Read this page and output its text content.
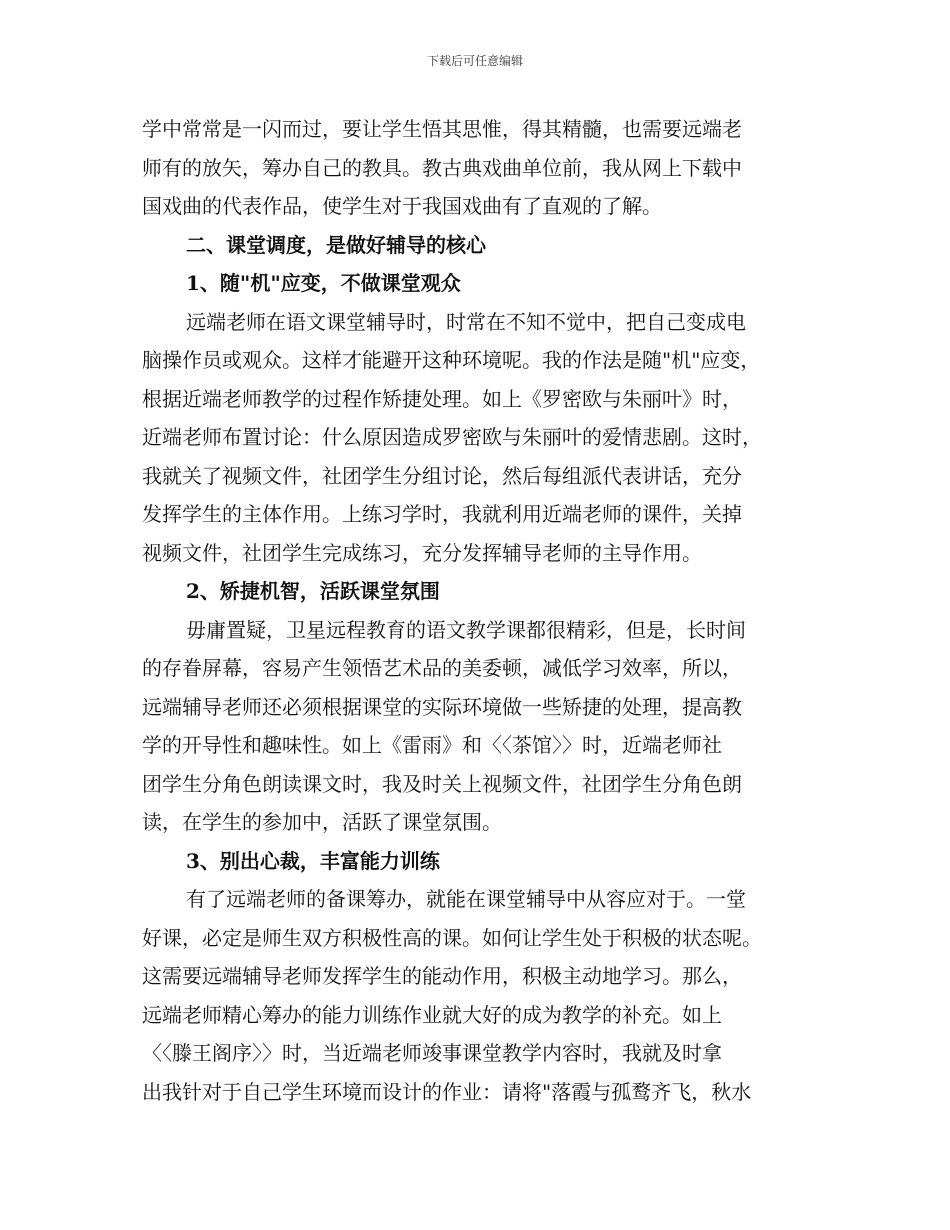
下载后可任意编辑
学中常常是一闪而过，要让学生悟其思惟，得其精髓，也需要远端老
师有的放矢，筹办自己的教具。教古典戏曲单位前，我从网上下载中
国戏曲的代表作品，使学生对于我国戏曲有了直观的了解。
二、课堂调度，是做好辅导的核心
1、随"机"应变，不做课堂观众
远端老师在语文课堂辅导时，时常在不知不觉中，把自己变成电
脑操作员或观众。这样才能避开这种环境呢。我的作法是随"机"应变，
根据近端老师教学的过程作矫捷处理。如上《罗密欧与朱丽叶》时，
近端老师布置讨论：什么原因造成罗密欧与朱丽叶的爱情悲剧。这时，
我就关了视频文件，社团学生分组讨论，然后每组派代表讲话，充分
发挥学生的主体作用。上练习学时，我就利用近端老师的课件，关掉
视频文件，社团学生完成练习，充分发挥辅导老师的主导作用。
2、矫捷机智，活跃课堂氛围
毋庸置疑，卫星远程教育的语文教学课都很精彩，但是，长时间
的存眷屏幕，容易产生领悟艺术品的美委顿，减低学习效率，所以，
远端辅导老师还必须根据课堂的实际环境做一些矫捷的处理，提高教
学的开导性和趣味性。如上《雷雨》和〈〈茶馆〉〉时，近端老师社
团学生分角色朗读课文时，我及时关上视频文件，社团学生分角色朗
读，在学生的参加中，活跃了课堂氛围。
3、别出心裁，丰富能力训练
有了远端老师的备课筹办，就能在课堂辅导中从容应对于。一堂
好课，必定是师生双方积极性高的课。如何让学生处于积极的状态呢。
这需要远端辅导老师发挥学生的能动作用，积极主动地学习。那么，
远端老师精心筹办的能力训练作业就大好的成为教学的补充。如上
〈〈滕王阁序〉〉时，当近端老师竣事课堂教学内容时，我就及时拿
出我针对于自己学生环境而设计的作业：请将"落霞与孤鹜齐飞，秋水
